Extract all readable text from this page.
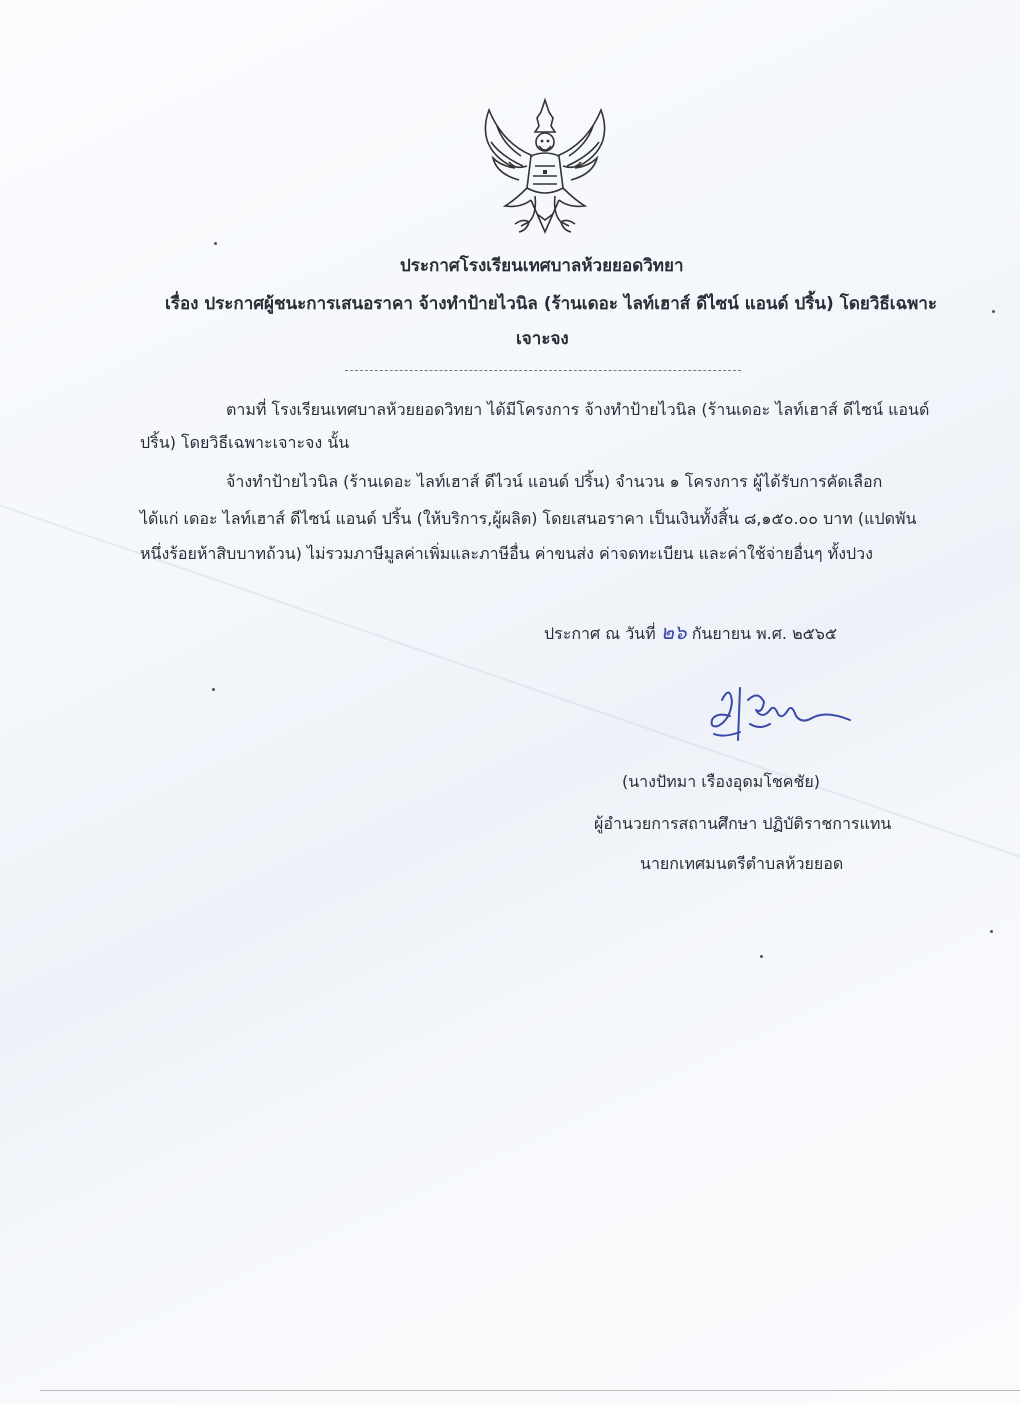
ประกาศโรงเรียนเทศบาลห้วยยอดวิทยา
เรื่อง ประกาศผู้ชนะการเสนอราคา จ้างทำป้ายไวนิล (ร้านเดอะ ไลท์เฮาส์ ดีไซน์ แอนด์ ปริ้น) โดยวิธีเฉพาะ
เจาะจง
ตามที่ โรงเรียนเทศบาลห้วยยอดวิทยา ได้มีโครงการ จ้างทำป้ายไวนิล (ร้านเดอะ ไลท์เฮาส์ ดีไซน์ แอนด์
ปริ้น) โดยวิธีเฉพาะเจาะจง นั้น
จ้างทำป้ายไวนิล (ร้านเดอะ ไลท์เฮาส์ ดีไวน์ แอนด์ ปริ้น) จำนวน ๑ โครงการ ผู้ได้รับการคัดเลือก
ได้แก่ เดอะ ไลท์เฮาส์ ดีไซน์ แอนด์ ปริ้น (ให้บริการ,ผู้ผลิต) โดยเสนอราคา เป็นเงินทั้งสิ้น ๘,๑๕๐.๐๐ บาท (แปดพัน
หนึ่งร้อยห้าสิบบาทถ้วน) ไม่รวมภาษีมูลค่าเพิ่มและภาษีอื่น ค่าขนส่ง ค่าจดทะเบียน และค่าใช้จ่ายอื่นๆ ทั้งปวง
ประกาศ ณ วันที่ ๒๖ กันยายน พ.ศ. ๒๕๖๕
(นางปัทมา เรืองอุดมโชคชัย)
ผู้อำนวยการสถานศึกษา ปฏิบัติราชการแทน
นายกเทศมนตรีตำบลห้วยยอด
